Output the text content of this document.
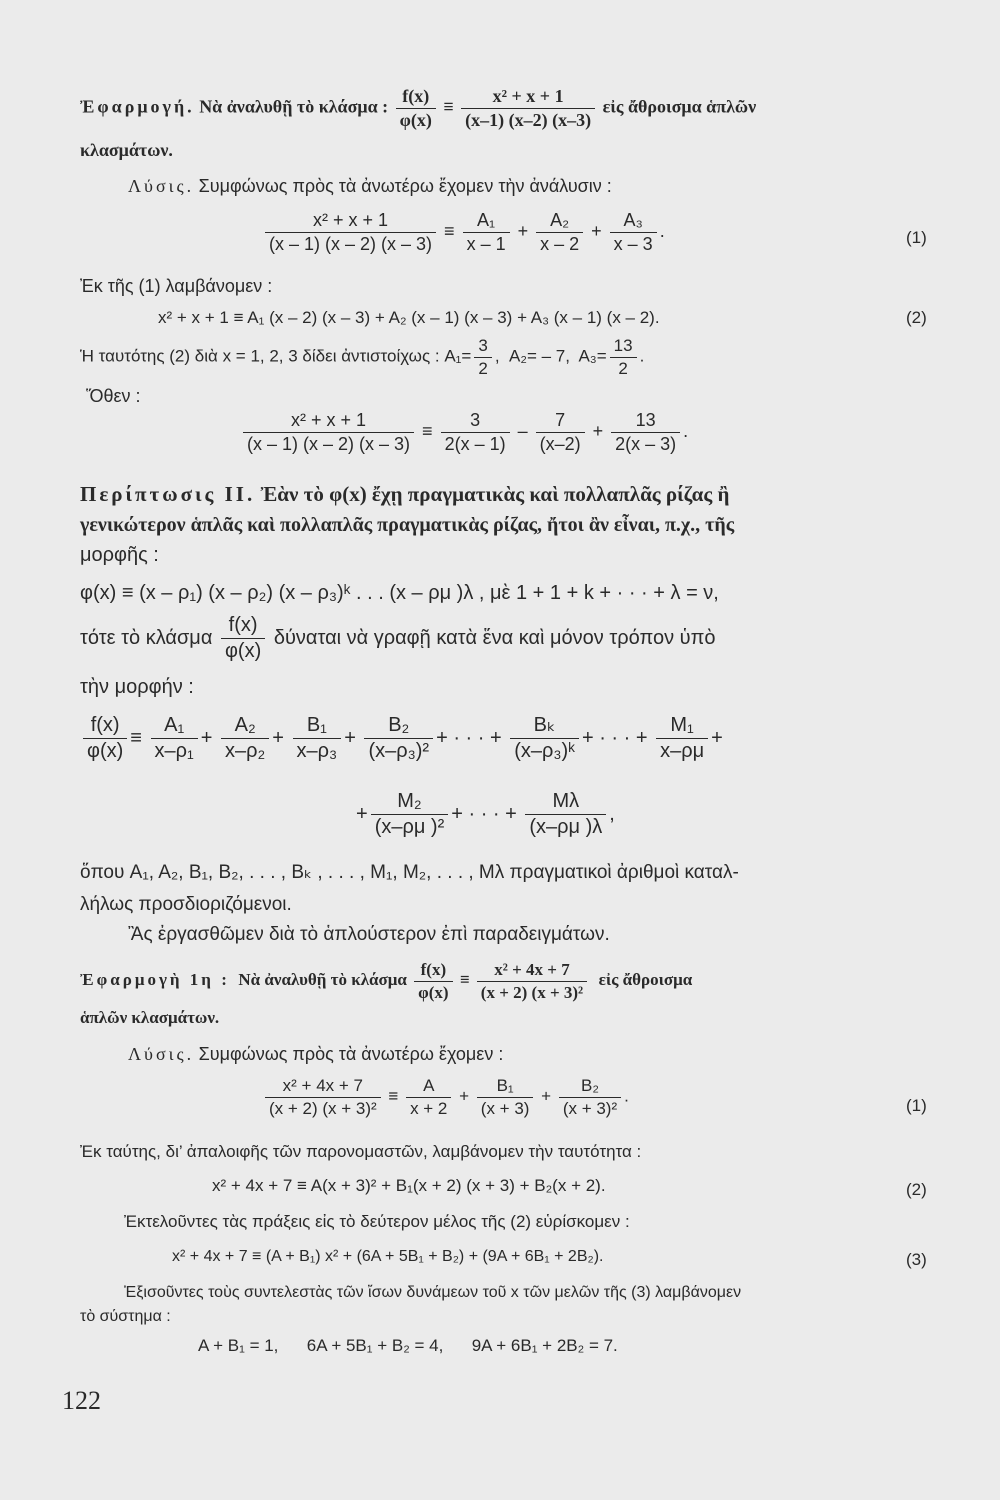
Ἐφαρμογή. Νὰ ἀναλυθῇ τὸ κλάσμα : $\frac{f(x)}{\varphi(x)} \equiv \frac{\text{x² + x + 1}}{(x-1) (x-2) (x-3)}$ εἰς ἄθροισμα ἁπλῶν
κλασμάτων.
Λύσις. Συμφώνως πρὸς τὰ ἀνωτέρω ἔχομεν τὴν ἀνάλυσιν :
$\frac{\text{x² + x + 1}}{(x - 1) (x - 2) (x - 3)} \equiv \frac{\text{A₁}}{x - 1} + \frac{\text{A₂}}{x - 2} + \frac{\text{A₃}}{x - 3}$ .	(1)
Ἐκ τῆς (1) λαμβάνομεν :
x² + x + 1 ≡ A₁ (x – 2) (x – 3) + A₂ (x – 1) (x – 3) + A₃ (x – 1) (x – 2).	(2)
Ἡ ταυτότης (2) διὰ x = 1, 2, 3 δίδει ἀντιστοίχως : $A_1= \frac{3}{2}$ ,  A₂= – 7, $A_3= \frac{13}{2}$ .
Ὅθεν :
$\frac{\text{x² + x + 1}}{(x - 1) (x - 2) (x - 3)} \equiv \frac{3}{2(x - 1)} - \frac{7}{(x-2)} + \frac{13}{2(x - 3)}$ .
Περίπτωσις II. Ἐὰν τὸ φ(x) ἔχῃ πραγματικὰς καὶ πολλαπλᾶς ρίζας ἢ
γενικώτερον ἁπλᾶς καὶ πολλαπλᾶς πραγματικὰς ρίζας, ἤτοι ἂν εἶναι, π.χ., τῆς
μορφῆς :
φ(x) ≡ (x – ρ₁) (x – ρ₂) (x – ρ₃)ᵏ . . . (x – ρμ )λ , μὲ 1 + 1 + k + · · · + λ = ν,
τότε τὸ κλάσμα $\frac{f(x)}{\varphi(x)}$ δύναται νὰ γραφῇ κατὰ ἕνα καὶ μόνον τρόπον ὑπὸ
τὴν μορφήν :
$\frac{f(x)}{\varphi(x)} \equiv \frac{\text{A₁}}{\text{x–ρ₁}} + \frac{\text{A₂}}{\text{x–ρ₂}} + \frac{\text{B₁}}{\text{x–ρ₃}} + \frac{\text{B₂}}{\text{(x–ρ₃)²}}$ + · · · + $\frac{\text{Bₖ}}{\text{(x–ρ₃)ᵏ}}$ + · · · + $\frac{\text{M₁}}{x-\rho\mu}$ +
+ $\frac{\text{M₂}}{\text{(x–ρμ )²}}$ + · · · + $\frac{M\lambda}{(x-\rho\mu )\lambda}$ ,
ὅπου A₁, A₂, B₁, B₂, . . . , Bₖ , . . . , M₁, M₂, . . . , Mλ πραγματικοὶ ἀριθμοὶ καταλ-
λήλως προσδιοριζόμενοι.
Ἂς ἐργασθῶμεν διὰ τὸ ἁπλούστερον ἐπὶ παραδειγμάτων.
Ἐφαρμογὴ 1η : Νὰ ἀναλυθῇ τὸ κλάσμα $\frac{f(x)}{\varphi(x)} \equiv \frac{\text{x² + 4x + 7}}{\text{(x + 2) (x + 3)²}}$ εἰς ἄθροισμα
ἁπλῶν κλασμάτων.
Λύσις. Συμφώνως πρὸς τὰ ἀνωτέρω ἔχομεν :
$\frac{\text{x² + 4x + 7}}{\text{(x + 2) (x + 3)²}} \equiv \frac{A}{x + 2} + \frac{\text{B₁}}{(x + 3)} + \frac{\text{B₂}}{\text{(x + 3)²}}$ .	(1)
Ἐκ ταύτης, δι’ ἀπαλοιφῆς τῶν παρονομαστῶν, λαμβάνομεν τὴν ταυτότητα :
x² + 4x + 7 ≡ A(x + 3)² + B₁(x + 2) (x + 3) + B₂(x + 2).	(2)
Ἐκτελοῦντες τὰς πράξεις εἰς τὸ δεύτερον μέλος τῆς (2) εὑρίσκομεν :
x² + 4x + 7 ≡ (A + B₁) x² + (6A + 5B₁ + B₂) + (9A + 6B₁ + 2B₂).	(3)
Ἐξισοῦντες τοὺς συντελεστὰς τῶν ἴσων δυνάμεων τοῦ x τῶν μελῶν τῆς (3) λαμβάνομεν
τὸ σύστημα :
A + B₁ = 1,      6A + 5B₁ + B₂ = 4,      9A + 6B₁ + 2B₂ = 7.
122
